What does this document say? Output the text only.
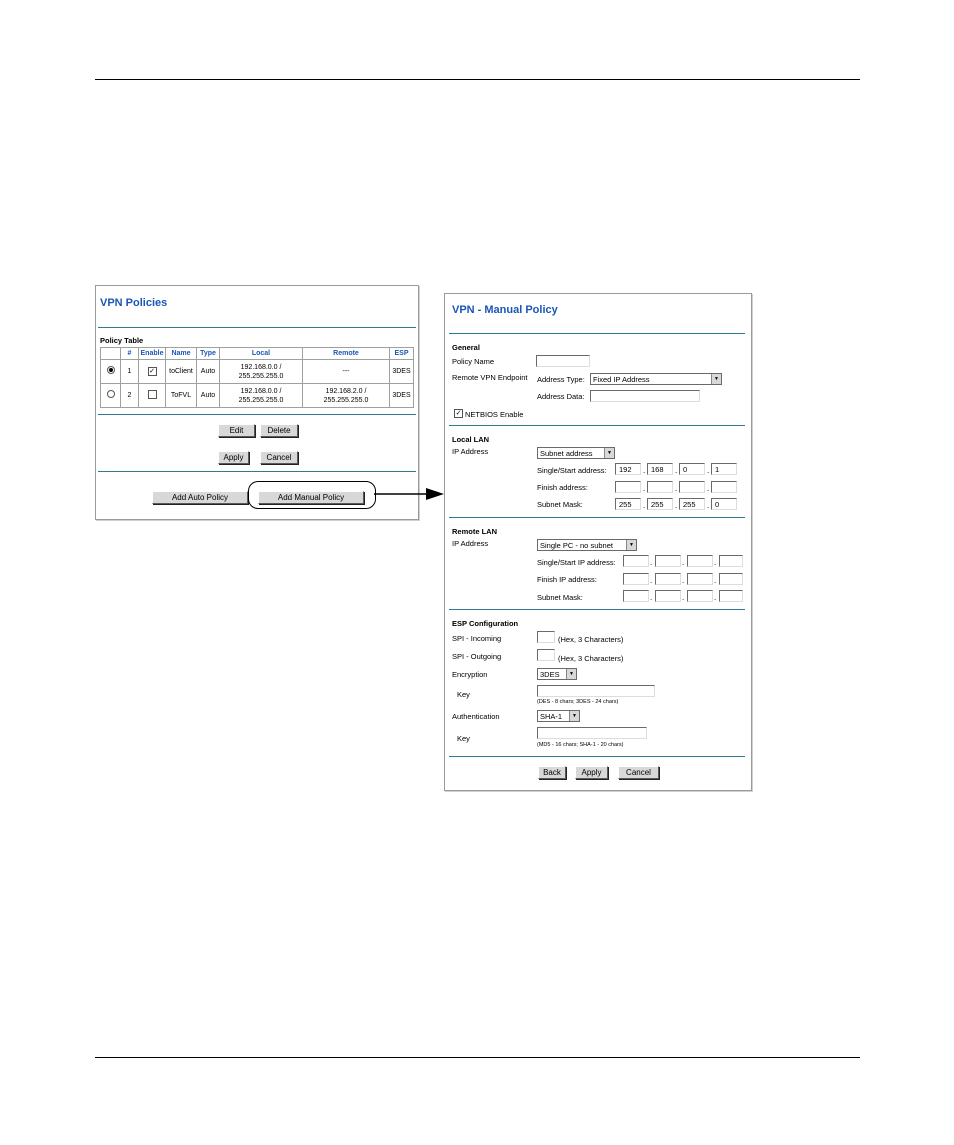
VPN Policies
Policy Table
	#	Enable	Name	Type	Local	Remote	ESP
	1	✓	toClient	Auto	192.168.0.0 /
255.255.255.0	---	3DES
	2		ToFVL	Auto	192.168.0.0 /
255.255.255.0	192.168.2.0 /
255.255.255.0	3DES
Edit	Delete
Apply	Cancel
Add Auto Policy	Add Manual Policy
VPN - Manual Policy
General
Policy Name
Remote VPN Endpoint Address Type:	Fixed IP Address	▼
Address Data:
✓ NETBIOS Enable
Local LAN
IP Address	Subnet address	▼
Single/Start address:	192	. 168	. 0	. 1
Finish address:	.	.	.
Subnet Mask:	255	. 255	. 255	. 0
Remote LAN
IP Address	Single PC - no subnet	▼
Single/Start IP address:	.	.	.
Finish IP address:	.	.	.
Subnet Mask:	.	.	.
ESP Configuration
SPI - Incoming	(Hex, 3 Characters)
SPI - Outgoing	(Hex, 3 Characters)
Encryption	3DES	▼
Key
(DES - 8 chars; 3DES - 24 chars)
Authentication	SHA-1	▼
Key
(MD5 - 16 chars; SHA-1 - 20 chars)
Back	Apply	Cancel
